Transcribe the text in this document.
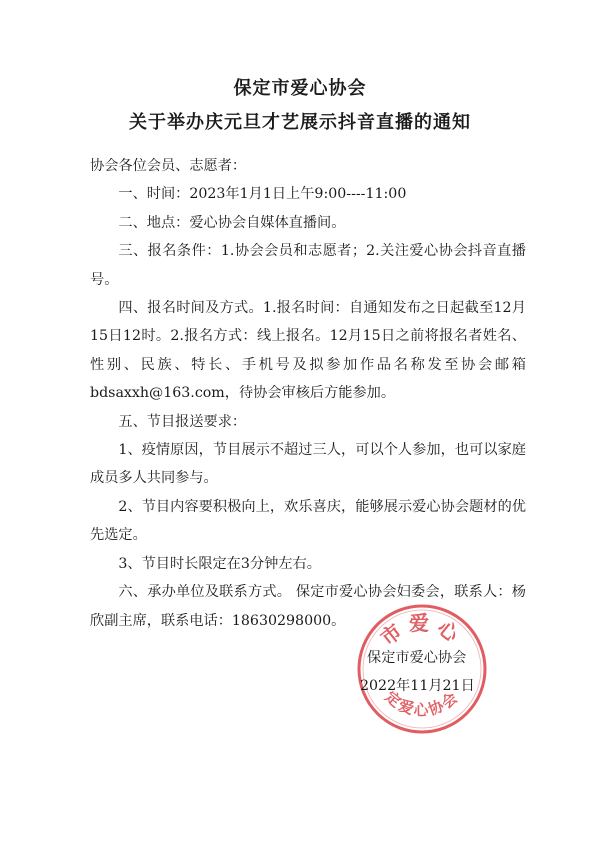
保定市爱心协会
关于举办庆元旦才艺展示抖音直播的通知

协会各位会员、志愿者：

一、时间：2023年1月1日上午9:00----11:00

二、地点：爱心协会自媒体直播间。

三、报名条件：1.协会会员和志愿者；2.关注爱心协会抖音直播号。

四、报名时间及方式。1.报名时间：自通知发布之日起截至12月15日12时。2.报名方式：线上报名。12月15日之前将报名者姓名、性别、民族、特长、手机号及拟参加作品名称发至协会邮箱 bdsaxxh@163.com，待协会审核后方能参加。

五、节目报送要求：

1、疫情原因，节目展示不超过三人，可以个人参加，也可以家庭成员多人共同参与。

2、节目内容要积极向上，欢乐喜庆，能够展示爱心协会题材的优先选定。

3、节目时长限定在3分钟左右。

六、承办单位及联系方式。 保定市爱心协会妇委会，联系人：杨欣副主席，联系电话：18630298000。	市爱心
定爱心协会
保定市爱心协会
2022年11月21日
